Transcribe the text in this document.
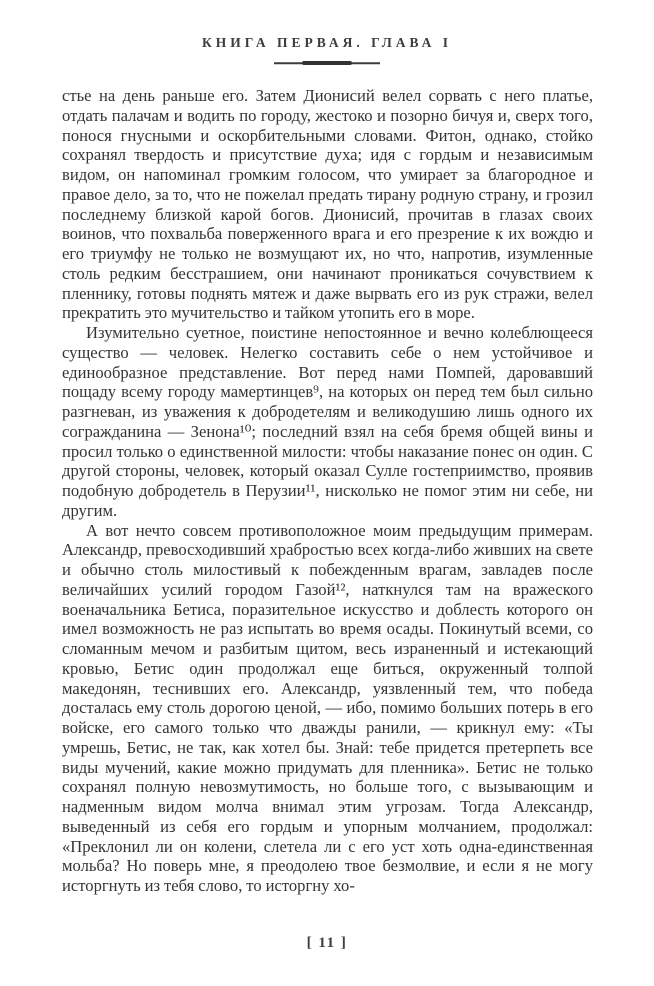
КНИГА ПЕРВАЯ. ГЛАВА I

стье на день раньше его. Затем Дионисий велел сорвать с него платье, отдать палачам и водить по городу, жестоко и позорно бичуя и, сверх того, понося гнусными и оскорбительными словами. Фитон, однако, стойко сохранял твердость и присутствие духа; идя с гордым и независимым видом, он напоминал громким голосом, что умирает за благородное и правое дело, за то, что не пожелал предать тирану родную страну, и грозил последнему близкой карой богов. Дионисий, прочитав в глазах своих воинов, что похвальба поверженного врага и его презрение к их вождю и его триумфу не только не возмущают их, но что, напротив, изумленные столь редким бесстрашием, они начинают проникаться сочувствием к пленнику, готовы поднять мятеж и даже вырвать его из рук стражи, велел прекратить это мучительство и тайком утопить его в море.

Изумительно суетное, поистине непостоянное и вечно колеблющееся существо — человек. Нелегко составить себе о нем устойчивое и единообразное представление. Вот перед нами Помпей, даровавший пощаду всему городу мамертинцев⁹, на которых он перед тем был сильно разгневан, из уважения к добродетелям и великодушию лишь одного их согражданина — Зенона¹⁰; последний взял на себя бремя общей вины и просил только о единственной милости: чтобы наказание понес он один. С другой стороны, человек, который оказал Сулле гостеприимство, проявив подобную добродетель в Перузии¹¹, нисколько не помог этим ни себе, ни другим.

А вот нечто совсем противоположное моим предыдущим примерам. Александр, превосходивший храбростью всех когда-либо живших на свете и обычно столь милостивый к побежденным врагам, завладев после величайших усилий городом Газой¹², наткнулся там на вражеского военачальника Бетиса, поразительное искусство и доблесть которого он имел возможность не раз испытать во время осады. Покинутый всеми, со сломанным мечом и разбитым щитом, весь израненный и истекающий кровью, Бетис один продолжал еще биться, окруженный толпой македонян, теснивших его. Александр, уязвленный тем, что победа досталась ему столь дорогою ценой, — ибо, помимо больших потерь в его войске, его самого только что дважды ранили, — крикнул ему: «Ты умрешь, Бетис, не так, как хотел бы. Знай: тебе придется претерпеть все виды мучений, какие можно придумать для пленника». Бетис не только сохранял полную невозмутимость, но больше того, с вызывающим и надменным видом молча внимал этим угрозам. Тогда Александр, выведенный из себя его гордым и упорным молчанием, продолжал: «Преклонил ли он колени, слетела ли с его уст хоть одна-единственная мольба? Но поверь мне, я преодолею твое безмолвие, и если я не могу исторгнуть из тебя слово, то исторгну хо-

[ 11 ]
